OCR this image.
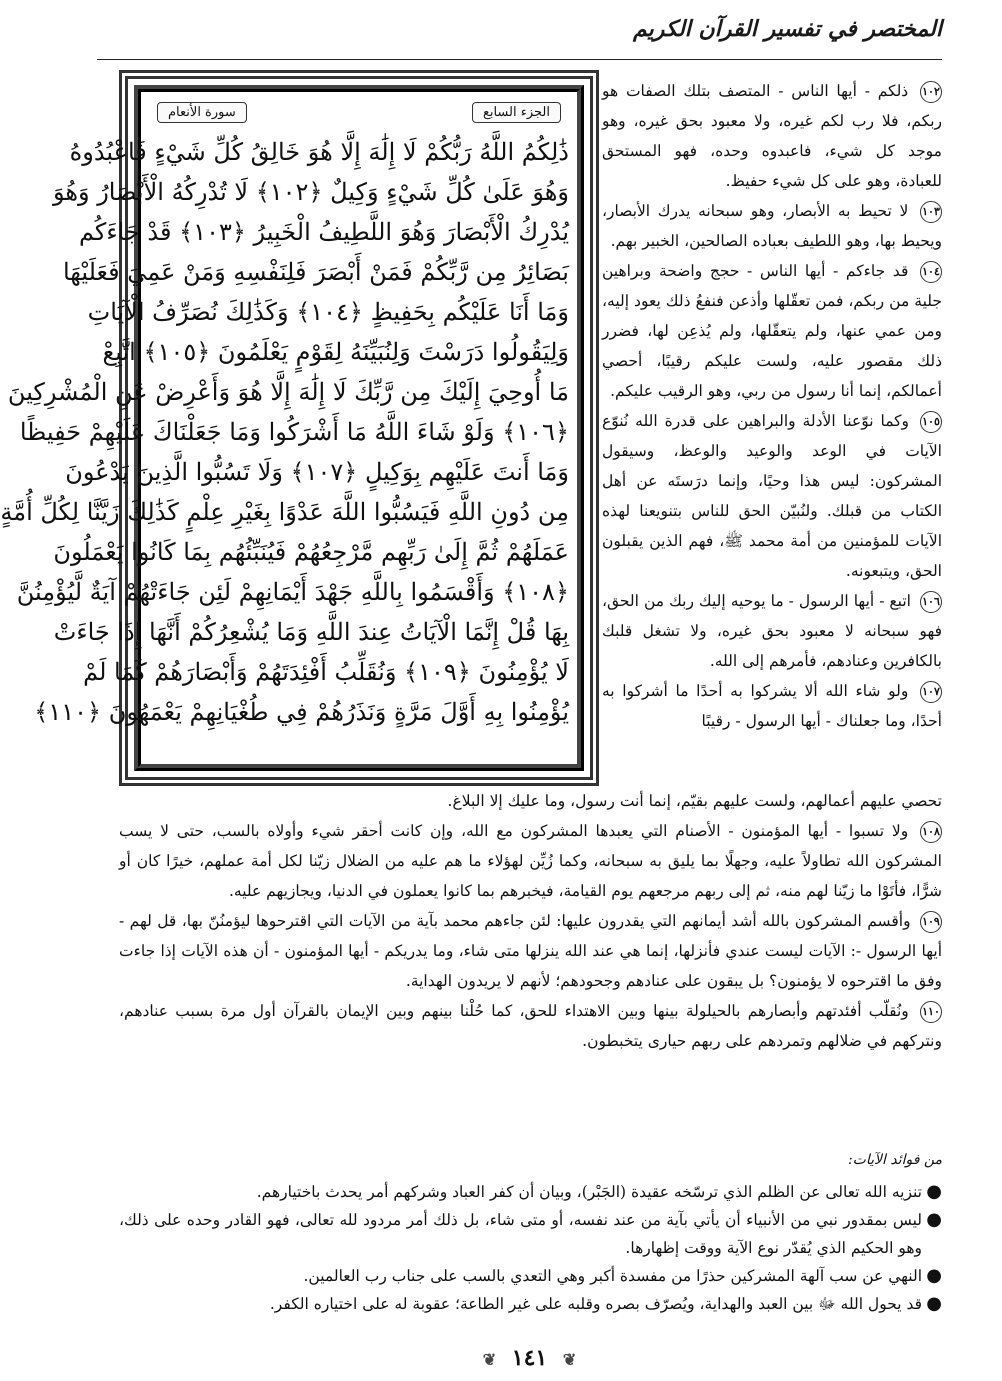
المختصر في تفسير القرآن الكريم
الجزء السابع
سورة الأنعام
ذَٰلِكُمُ اللَّهُ رَبُّكُمْ لَا إِلَٰهَ إِلَّا هُوَ خَالِقُ كُلِّ شَيْءٍ فَاعْبُدُوهُ
وَهُوَ عَلَىٰ كُلِّ شَيْءٍ وَكِيلٌ ﴿١٠٢﴾ لَا تُدْرِكُهُ الْأَبْصَارُ وَهُوَ
يُدْرِكُ الْأَبْصَارَ وَهُوَ اللَّطِيفُ الْخَبِيرُ ﴿١٠٣﴾ قَدْ جَاءَكُم
بَصَائِرُ مِن رَّبِّكُمْ فَمَنْ أَبْصَرَ فَلِنَفْسِهِ وَمَنْ عَمِيَ فَعَلَيْهَا
وَمَا أَنَا عَلَيْكُم بِحَفِيظٍ ﴿١٠٤﴾ وَكَذَٰلِكَ نُصَرِّفُ الْآيَاتِ
وَلِيَقُولُوا دَرَسْتَ وَلِنُبَيِّنَهُ لِقَوْمٍ يَعْلَمُونَ ﴿١٠٥﴾ اتَّبِعْ
مَا أُوحِيَ إِلَيْكَ مِن رَّبِّكَ لَا إِلَٰهَ إِلَّا هُوَ وَأَعْرِضْ عَنِ الْمُشْرِكِينَ
﴿١٠٦﴾ وَلَوْ شَاءَ اللَّهُ مَا أَشْرَكُوا وَمَا جَعَلْنَاكَ عَلَيْهِمْ حَفِيظًا
وَمَا أَنتَ عَلَيْهِم بِوَكِيلٍ ﴿١٠٧﴾ وَلَا تَسُبُّوا الَّذِينَ يَدْعُونَ
مِن دُونِ اللَّهِ فَيَسُبُّوا اللَّهَ عَدْوًا بِغَيْرِ عِلْمٍ كَذَٰلِكَ زَيَّنَّا لِكُلِّ أُمَّةٍ
عَمَلَهُمْ ثُمَّ إِلَىٰ رَبِّهِم مَّرْجِعُهُمْ فَيُنَبِّئُهُم بِمَا كَانُوا يَعْمَلُونَ
﴿١٠٨﴾ وَأَقْسَمُوا بِاللَّهِ جَهْدَ أَيْمَانِهِمْ لَئِن جَاءَتْهُمْ آيَةٌ لَّيُؤْمِنُنَّ
بِهَا قُلْ إِنَّمَا الْآيَاتُ عِندَ اللَّهِ وَمَا يُشْعِرُكُمْ أَنَّهَا إِذَا جَاءَتْ
لَا يُؤْمِنُونَ ﴿١٠٩﴾ وَنُقَلِّبُ أَفْئِدَتَهُمْ وَأَبْصَارَهُمْ كَمَا لَمْ
يُؤْمِنُوا بِهِ أَوَّلَ مَرَّةٍ وَنَذَرُهُمْ فِي طُغْيَانِهِمْ يَعْمَهُونَ ﴿١١٠﴾

١٠٢ ذلكم - أيها الناس - المتصف بتلك الصفات هو ربكم، فلا رب لكم غيره، ولا معبود بحق غيره، وهو موجد كل شيء، فاعبدوه وحده، فهو المستحق للعبادة، وهو على كل شيء حفيظ.

١٠٣ لا تحيط به الأبصار، وهو سبحانه يدرك الأبصار، ويحيط بها، وهو اللطيف بعباده الصالحين، الخبير بهم.

١٠٤ قد جاءكم - أيها الناس - حجج واضحة وبراهين جلية من ربكم، فمن تعقّلها وأذعن فنفعُ ذلك يعود إليه، ومن عمي عنها، ولم يتعقّلها، ولم يُذعِن لها، فضرر ذلك مقصور عليه، ولست عليكم رقيبًا، أحصي أعمالكم، إنما أنا رسول من ربي، وهو الرقيب عليكم.

١٠٥ وكما نوّعنا الأدلة والبراهين على قدرة الله نُنوّع الآيات في الوعد والوعيد والوعظ، وسيقول المشركون: ليس هذا وحيًا، وإنما درَستَه عن أهل الكتاب من قبلك. ولنُبيّن الحق للناس بتنويعنا لهذه الآيات للمؤمنين من أمة محمد ﷺ، فهم الذين يقبلون الحق، ويتبعونه.

١٠٦ اتبع - أيها الرسول - ما يوحيه إليك ربك من الحق، فهو سبحانه لا معبود بحق غيره، ولا تشغل قلبك بالكافرين وعنادهم، فأمرهم إلى الله.

١٠٧ ولو شاء الله ألا يشركوا به أحدًا ما أشركوا به أحدًا، وما جعلناك - أيها الرسول - رقيبًا

تحصي عليهم أعمالهم، ولست عليهم بقيّم، إنما أنت رسول، وما عليك إلا البلاغ.

١٠٨ ولا تسبوا - أيها المؤمنون - الأصنام التي يعبدها المشركون مع الله، وإن كانت أحقر شيء وأولاه بالسب، حتى لا يسب المشركون الله تطاولاً عليه، وجهلًا بما يليق به سبحانه، وكما زُيِّن لهؤلاء ما هم عليه من الضلال زيّنا لكل أمة عملهم، خيرًا كان أو شرًّا، فأتَوْا ما زيّنا لهم منه، ثم إلى ربهم مرجعهم يوم القيامة، فيخبرهم بما كانوا يعملون في الدنيا، ويجازيهم عليه.

١٠٩ وأقسم المشركون بالله أشد أيمانهم التي يقدرون عليها: لئن جاءهم محمد بآية من الآيات التي اقترحوها ليؤمنُنّ بها، قل لهم - أيها الرسول -: الآيات ليست عندي فأنزلها، إنما هي عند الله ينزلها متى شاء، وما يدريكم - أيها المؤمنون - أن هذه الآيات إذا جاءت وفق ما اقترحوه لا يؤمنون؟ بل يبقون على عنادهم وجحودهم؛ لأنهم لا يريدون الهداية.

١١٠ ونُقلّب أفئدتهم وأبصارهم بالحيلولة بينها وبين الاهتداء للحق، كما حُلْنا بينهم وبين الإيمان بالقرآن أول مرة بسبب عنادهم، ونتركهم في ضلالهم وتمردهم على ربهم حيارى يتخبطون.

من فوائد الآيات:
●
تنزيه الله تعالى عن الظلم الذي ترسّخه عقيدة (الجَبْر)، وبيان أن كفر العباد وشركهم أمر يحدث باختيارهم.
●
ليس بمقدور نبي من الأنبياء أن يأتي بآية من عند نفسه، أو متى شاء، بل ذلك أمر مردود لله تعالى، فهو القادر وحده على ذلك، وهو الحكيم الذي يُقدّر نوع الآية ووقت إظهارها.
●
النهي عن سب آلهة المشركين حذرًا من مفسدة أكبر وهي التعدي بالسب على جناب رب العالمين.
●
قد يحول الله ﷻ بين العبد والهداية، ويُصرّف بصره وقلبه على غير الطاعة؛ عقوبة له على اختياره الكفر.
❦ ١٤١ ❦
